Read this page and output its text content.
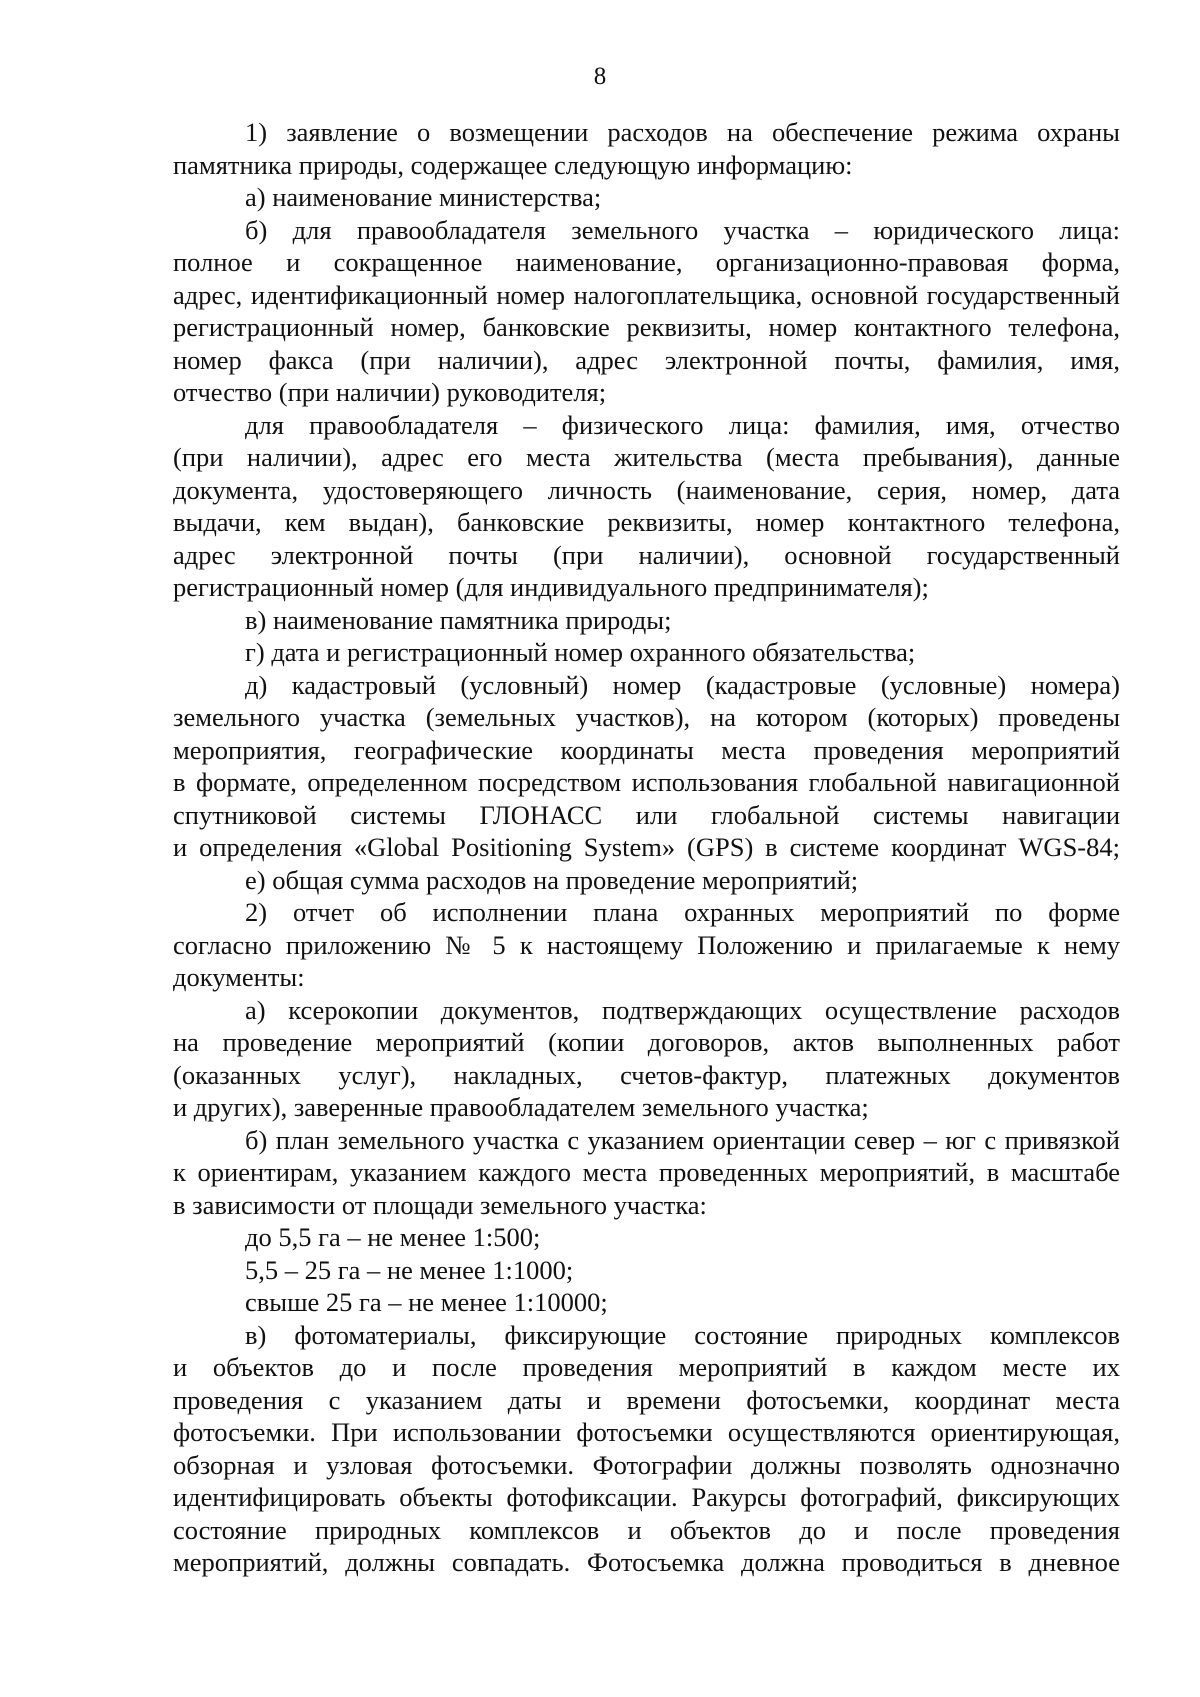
8
1) заявление о возмещении расходов на обеспечение режима охраны
памятника природы, содержащее следующую информацию:
а) наименование министерства;
б) для правообладателя земельного участка – юридического лица:
полное и сокращенное наименование, организационно-правовая форма,
адрес, идентификационный номер налогоплательщика, основной государственный
регистрационный номер, банковские реквизиты, номер контактного телефона,
номер факса (при наличии), адрес электронной почты, фамилия, имя,
отчество (при наличии) руководителя;
для правообладателя – физического лица: фамилия, имя, отчество
(при наличии), адрес его места жительства (места пребывания), данные
документа, удостоверяющего личность (наименование, серия, номер, дата
выдачи, кем выдан), банковские реквизиты, номер контактного телефона,
адрес электронной почты (при наличии), основной государственный
регистрационный номер (для индивидуального предпринимателя);
в) наименование памятника природы;
г) дата и регистрационный номер охранного обязательства;
д) кадастровый (условный) номер (кадастровые (условные) номера)
земельного участка (земельных участков), на котором (которых) проведены
мероприятия, географические координаты места проведения мероприятий
в формате, определенном посредством использования глобальной навигационной
спутниковой системы ГЛОНАСС или глобальной системы навигации
и определения «Global Positioning System» (GPS) в системе координат WGS-84;
е) общая сумма расходов на проведение мероприятий;
2) отчет об исполнении плана охранных мероприятий по форме
согласно приложению № 5 к настоящему Положению и прилагаемые к нему
документы:
а) ксерокопии документов, подтверждающих осуществление расходов
на проведение мероприятий (копии договоров, актов выполненных работ
(оказанных услуг), накладных, счетов-фактур, платежных документов
и других), заверенные правообладателем земельного участка;
б) план земельного участка с указанием ориентации север – юг с привязкой
к ориентирам, указанием каждого места проведенных мероприятий, в масштабе
в зависимости от площади земельного участка:
до 5,5 га – не менее 1:500;
5,5 – 25 га – не менее 1:1000;
свыше 25 га – не менее 1:10000;
в) фотоматериалы, фиксирующие состояние природных комплексов
и объектов до и после проведения мероприятий в каждом месте их
проведения с указанием даты и времени фотосъемки, координат места
фотосъемки. При использовании фотосъемки осуществляются ориентирующая,
обзорная и узловая фотосъемки. Фотографии должны позволять однозначно
идентифицировать объекты фотофиксации. Ракурсы фотографий, фиксирующих
состояние природных комплексов и объектов до и после проведения
мероприятий, должны совпадать. Фотосъемка должна проводиться в дневное
